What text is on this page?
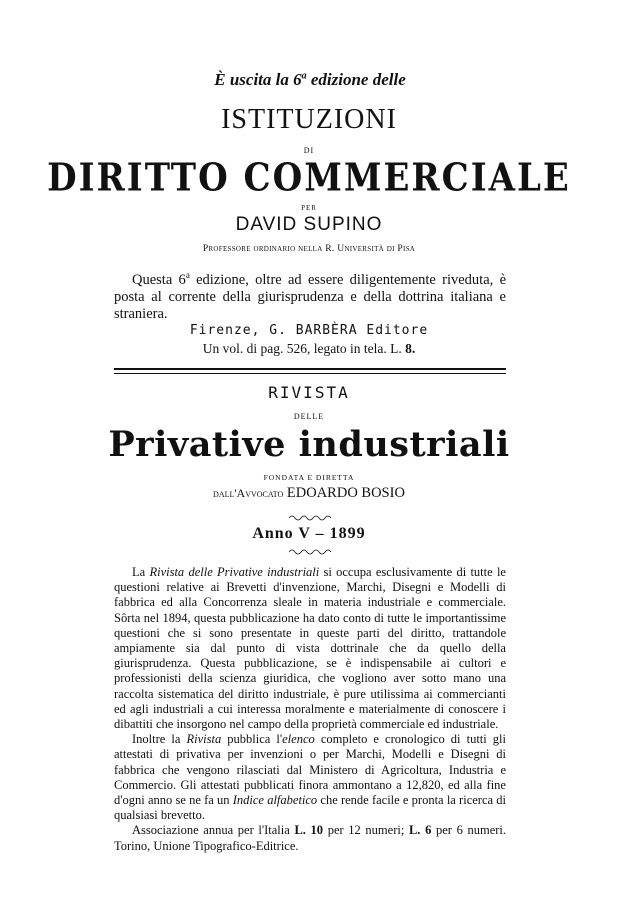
È uscita la 6$^a$ edizione delle
ISTITUZIONI
DI
DIRITTO COMMERCIALE
PER
DAVID SUPINO
Professore ordinario nella R. Università di Pisa
Questa 6$^a$ edizione, oltre ad essere diligentemente riveduta, è posta al corrente della giurisprudenza e della dottrina italiana e straniera.
Firenze, G. BARBÈRA Editore
Un vol. di pag. 526, legato in tela. L. 8.
RIVISTA
DELLE
Privative industriali
FONDATA E DIRETTA
dall'Avvocato EDOARDO BOSIO
Anno V – 1899

La Rivista delle Privative industriali si occupa esclusivamente di tutte le questioni relative ai Brevetti d'invenzione, Marchi, Disegni e Modelli di fabbrica ed alla Concorrenza sleale in materia industriale e commerciale. Sôrta nel 1894, questa pubblicazione ha dato conto di tutte le importantissime questioni che si sono presentate in queste parti del diritto, trattandole ampiamente sia dal punto di vista dottrinale che da quello della giurisprudenza. Questa pubblicazione, se è indispensabile ai cultori e professionisti della scienza giuridica, che vogliono aver sotto mano una raccolta sistematica del diritto industriale, è pure utilissima ai commercianti ed agli industriali a cui interessa moralmente e materialmente di conoscere i dibattiti che insorgono nel campo della proprietà commerciale ed industriale.

Inoltre la Rivista pubblica l'elenco completo e cronologico di tutti gli attestati di privativa per invenzioni o per Marchi, Modelli e Disegni di fabbrica che vengono rilasciati dal Ministero di Agricoltura, Industria e Commercio. Gli attestati pubblicati finora ammontano a 12,820, ed alla fine d'ogni anno se ne fa un Indice alfabetico che rende facile e pronta la ricerca di qualsiasi brevetto.

Associazione annua per l'Italia L. 10 per 12 numeri; L. 6 per 6 numeri. Torino, Unione Tipografico-Editrice.
